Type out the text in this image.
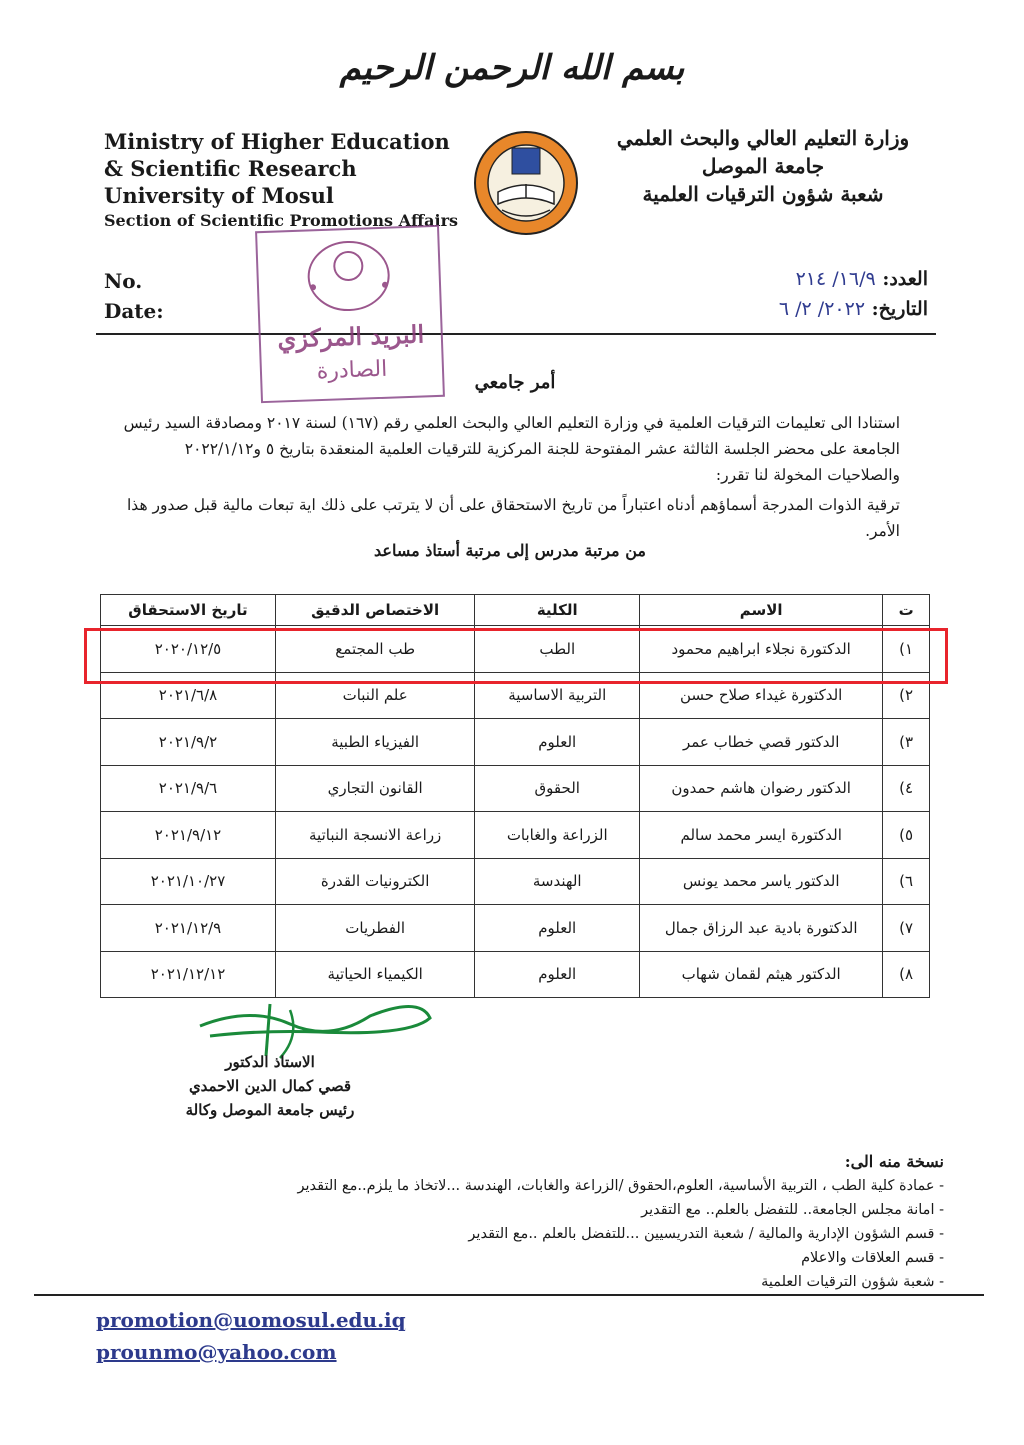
بسم الله الرحمن الرحيم
Ministry of Higher Education
& Scientific Research
University of Mosul
Section of Scientific Promotions Affairs
وزارة التعليم العالي والبحث العلمي
جامعة الموصل
شعبة شؤون الترقيات العلمية
No.
Date:
العدد: ١٦/٩/ ٢١٤
التاريخ: ٢٠٢٢/ ٢/ ٦
البريد المركزي
الصادرة	أمر جامعي
استنادا الى تعليمات الترقيات العلمية في وزارة التعليم العالي والبحث العلمي رقم (١٦٧) لسنة ٢٠١٧ ومصادقة السيد رئيس الجامعة على محضر الجلسة الثالثة عشر المفتوحة للجنة المركزية للترقيات العلمية المنعقدة بتاريخ ٥ و٢٠٢٢/١/١٢ والصلاحيات المخولة لنا تقرر:
ترقية الذوات المدرجة أسماؤهم أدناه اعتباراً من تاريخ الاستحقاق على أن لا يترتب على ذلك اية تبعات مالية قبل صدور هذا الأمر.
من مرتبة مدرس إلى مرتبة أستاذ مساعد
ت	الاسم	الكلية	الاختصاص الدقيق	تاريخ الاستحقاق
١)	الدكتورة نجلاء ابراهيم محمود	الطب	طب المجتمع	٢٠٢٠/١٢/٥
٢)	الدكتورة غيداء صلاح حسن	التربية الاساسية	علم النبات	٢٠٢١/٦/٨
٣)	الدكتور قصي خطاب عمر	العلوم	الفيزياء الطبية	٢٠٢١/٩/٢
٤)	الدكتور رضوان هاشم حمدون	الحقوق	القانون التجاري	٢٠٢١/٩/٦
٥)	الدكتورة ايسر محمد سالم	الزراعة والغابات	زراعة الانسجة النباتية	٢٠٢١/٩/١٢
٦)	الدكتور ياسر محمد يونس	الهندسة	الكترونيات القدرة	٢٠٢١/١٠/٢٧
٧)	الدكتورة بادية عبد الرزاق جمال	العلوم	الفطريات	٢٠٢١/١٢/٩
٨)	الدكتور هيثم لقمان شهاب	العلوم	الكيمياء الحياتية	٢٠٢١/١٢/١٢
الاستاذ الدكتور
قصي كمال الدين الاحمدي
رئيس جامعة الموصل وكالة
نسخة منه الى:
- عمادة كلية الطب ، التربية الأساسية، العلوم،الحقوق /الزراعة والغابات، الهندسة ...لاتخاذ ما يلزم..مع التقدير
- امانة مجلس الجامعة.. للتفضل بالعلم.. مع التقدير
- قسم الشؤون الإدارية والمالية / شعبة التدريسيين ...للتفضل بالعلم ..مع التقدير
- قسم العلاقات والاعلام
- شعبة شؤون الترقيات العلمية
promotion@uomosul.edu.iq
prounmo@yahoo.com
